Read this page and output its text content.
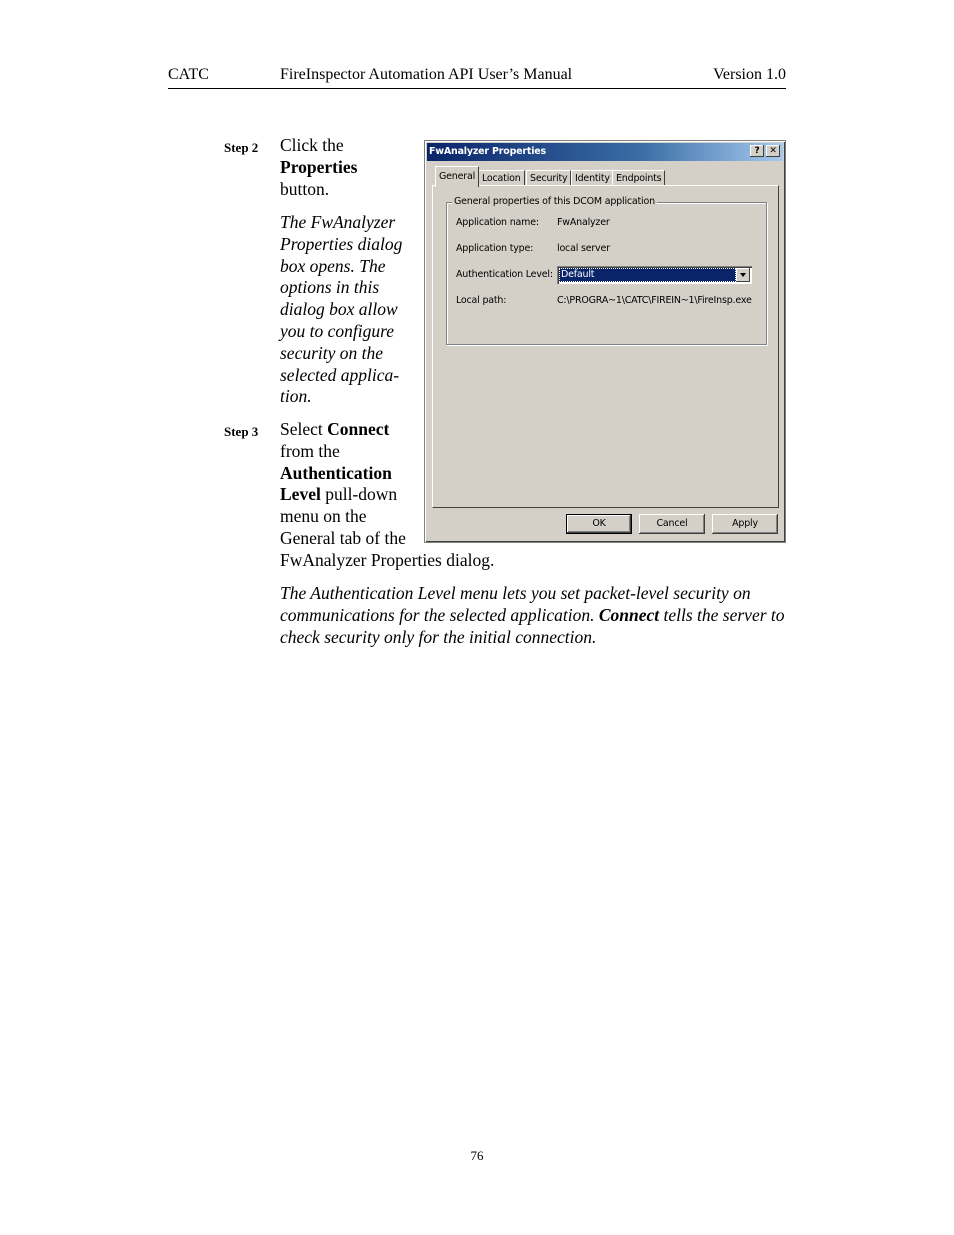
CATC	FireInspector Automation API User’s Manual	Version 1.0
Step 2 Click the
Properties
button.
The FwAnalyzer Properties dialog box opens. The options in this dialog box allow you to configure security on the selected applica-tion.
Step 3 Select Connect from the Authentication Level pull-down menu on the General tab of the
FwAnalyzer Properties dialog.
The Authentication Level menu lets you set packet-level security on communications for the selected application. Connect tells the server to check security only for the initial connection.
FwAnalyzer Properties	?	✕
General Location Security Identity Endpoints
General properties of this DCOM application
Application name: FwAnalyzer
Application type:	local server
Authentication Level: Default
Local path:	C:\PROGRA~1\CATC\FIREIN~1\FireInsp.exe
OK	Cancel	Apply
76
